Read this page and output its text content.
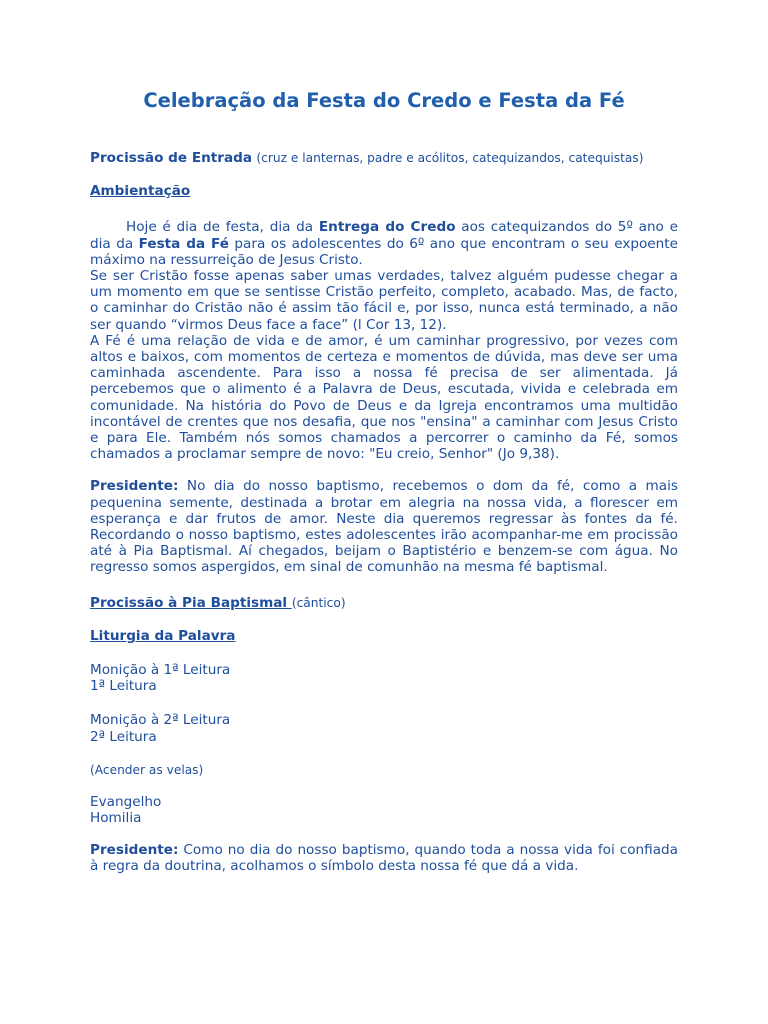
Celebração da Festa do Credo e Festa da Fé

Procissão de Entrada (cruz e lanternas, padre e acólitos, catequizandos, catequistas)

Ambientação

Hoje é dia de festa, dia da Entrega do Credo aos catequizandos do 5º ano e dia da Festa da Fé para os adolescentes do 6º ano que encontram o seu expoente máximo na ressurreição de Jesus Cristo.

Se ser Cristão fosse apenas saber umas verdades, talvez alguém pudesse chegar a um momento em que se sentisse Cristão perfeito, completo, acabado. Mas, de facto, o caminhar do Cristão não é assim tão fácil e, por isso, nunca está terminado, a não ser quando “virmos Deus face a face” (l Cor 13, 12).

A Fé é uma relação de vida e de amor, é um caminhar progressivo, por vezes com altos e baixos, com momentos de certeza e momentos de dúvida, mas deve ser uma caminhada ascendente. Para isso a nossa fé precisa de ser alimentada. Já percebemos que o alimento é a Palavra de Deus, escutada, vivida e celebrada em comunidade. Na história do Povo de Deus e da Igreja encontramos uma multidão incontável de crentes que nos desafia, que nos "ensina" a caminhar com Jesus Cristo e para Ele. Também nós somos chamados a percorrer o caminho da Fé, somos chamados a proclamar sempre de novo: "Eu creio, Senhor" (Jo 9,38).

Presidente: No dia do nosso baptismo, recebemos o dom da fé, como a mais pequenina semente, destinada a brotar em alegria na nossa vida, a florescer em esperança e dar frutos de amor. Neste dia queremos regressar às fontes da fé. Recordando o nosso baptismo, estes adolescentes irão acompanhar-me em procissão até à Pia Baptismal. Aí chegados, beijam o Baptistério e benzem-se com água. No regresso somos aspergidos, em sinal de comunhão na mesma fé baptismal.

Procissão à Pia Baptismal (cântico)

Liturgia da Palavra

Monição à 1ª Leitura

1ª Leitura

Monição à 2ª Leitura

2ª Leitura

(Acender as velas)

Evangelho

Homilia

Presidente: Como no dia do nosso baptismo, quando toda a nossa vida foi confiada à regra da doutrina, acolhamos o símbolo desta nossa fé que dá a vida.
